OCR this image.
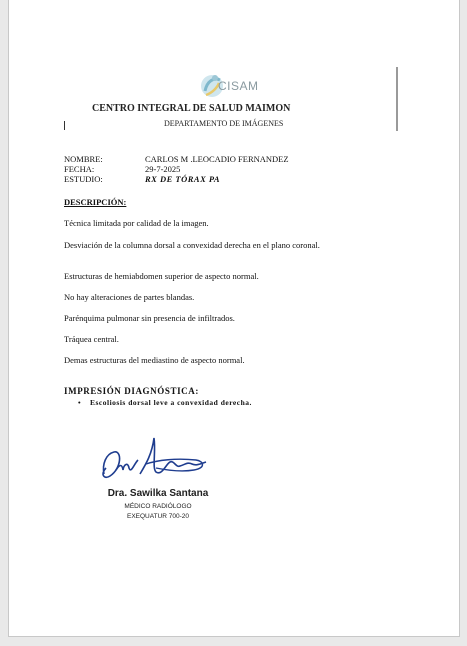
CISAM
CENTRO INTEGRAL DE SALUD MAIMON
DEPARTAMENTO DE IMÁGENES
NOMBRE:	CARLOS M .LEOCADIO FERNANDEZ
FECHA:	29-7-2025
ESTUDIO:	RX DE TÓRAX PA
DESCRIPCIÓN:
Técnica limitada por calidad de la imagen.
Desviación de la columna dorsal a convexidad derecha en el plano coronal.
Estructuras de hemiabdomen superior de aspecto normal.
No hay alteraciones de partes blandas.
Parénquima pulmonar sin presencia de infiltrados.
Tráquea central.
Demas estructuras del mediastino de aspecto normal.
IMPRESIÓN DIAGNÓSTICA:
• Escoliosis dorsal leve a convexidad derecha.
Dra. Sawilka Santana
MÉDICO RADIÓLOGO
EXEQUATUR 700-20
